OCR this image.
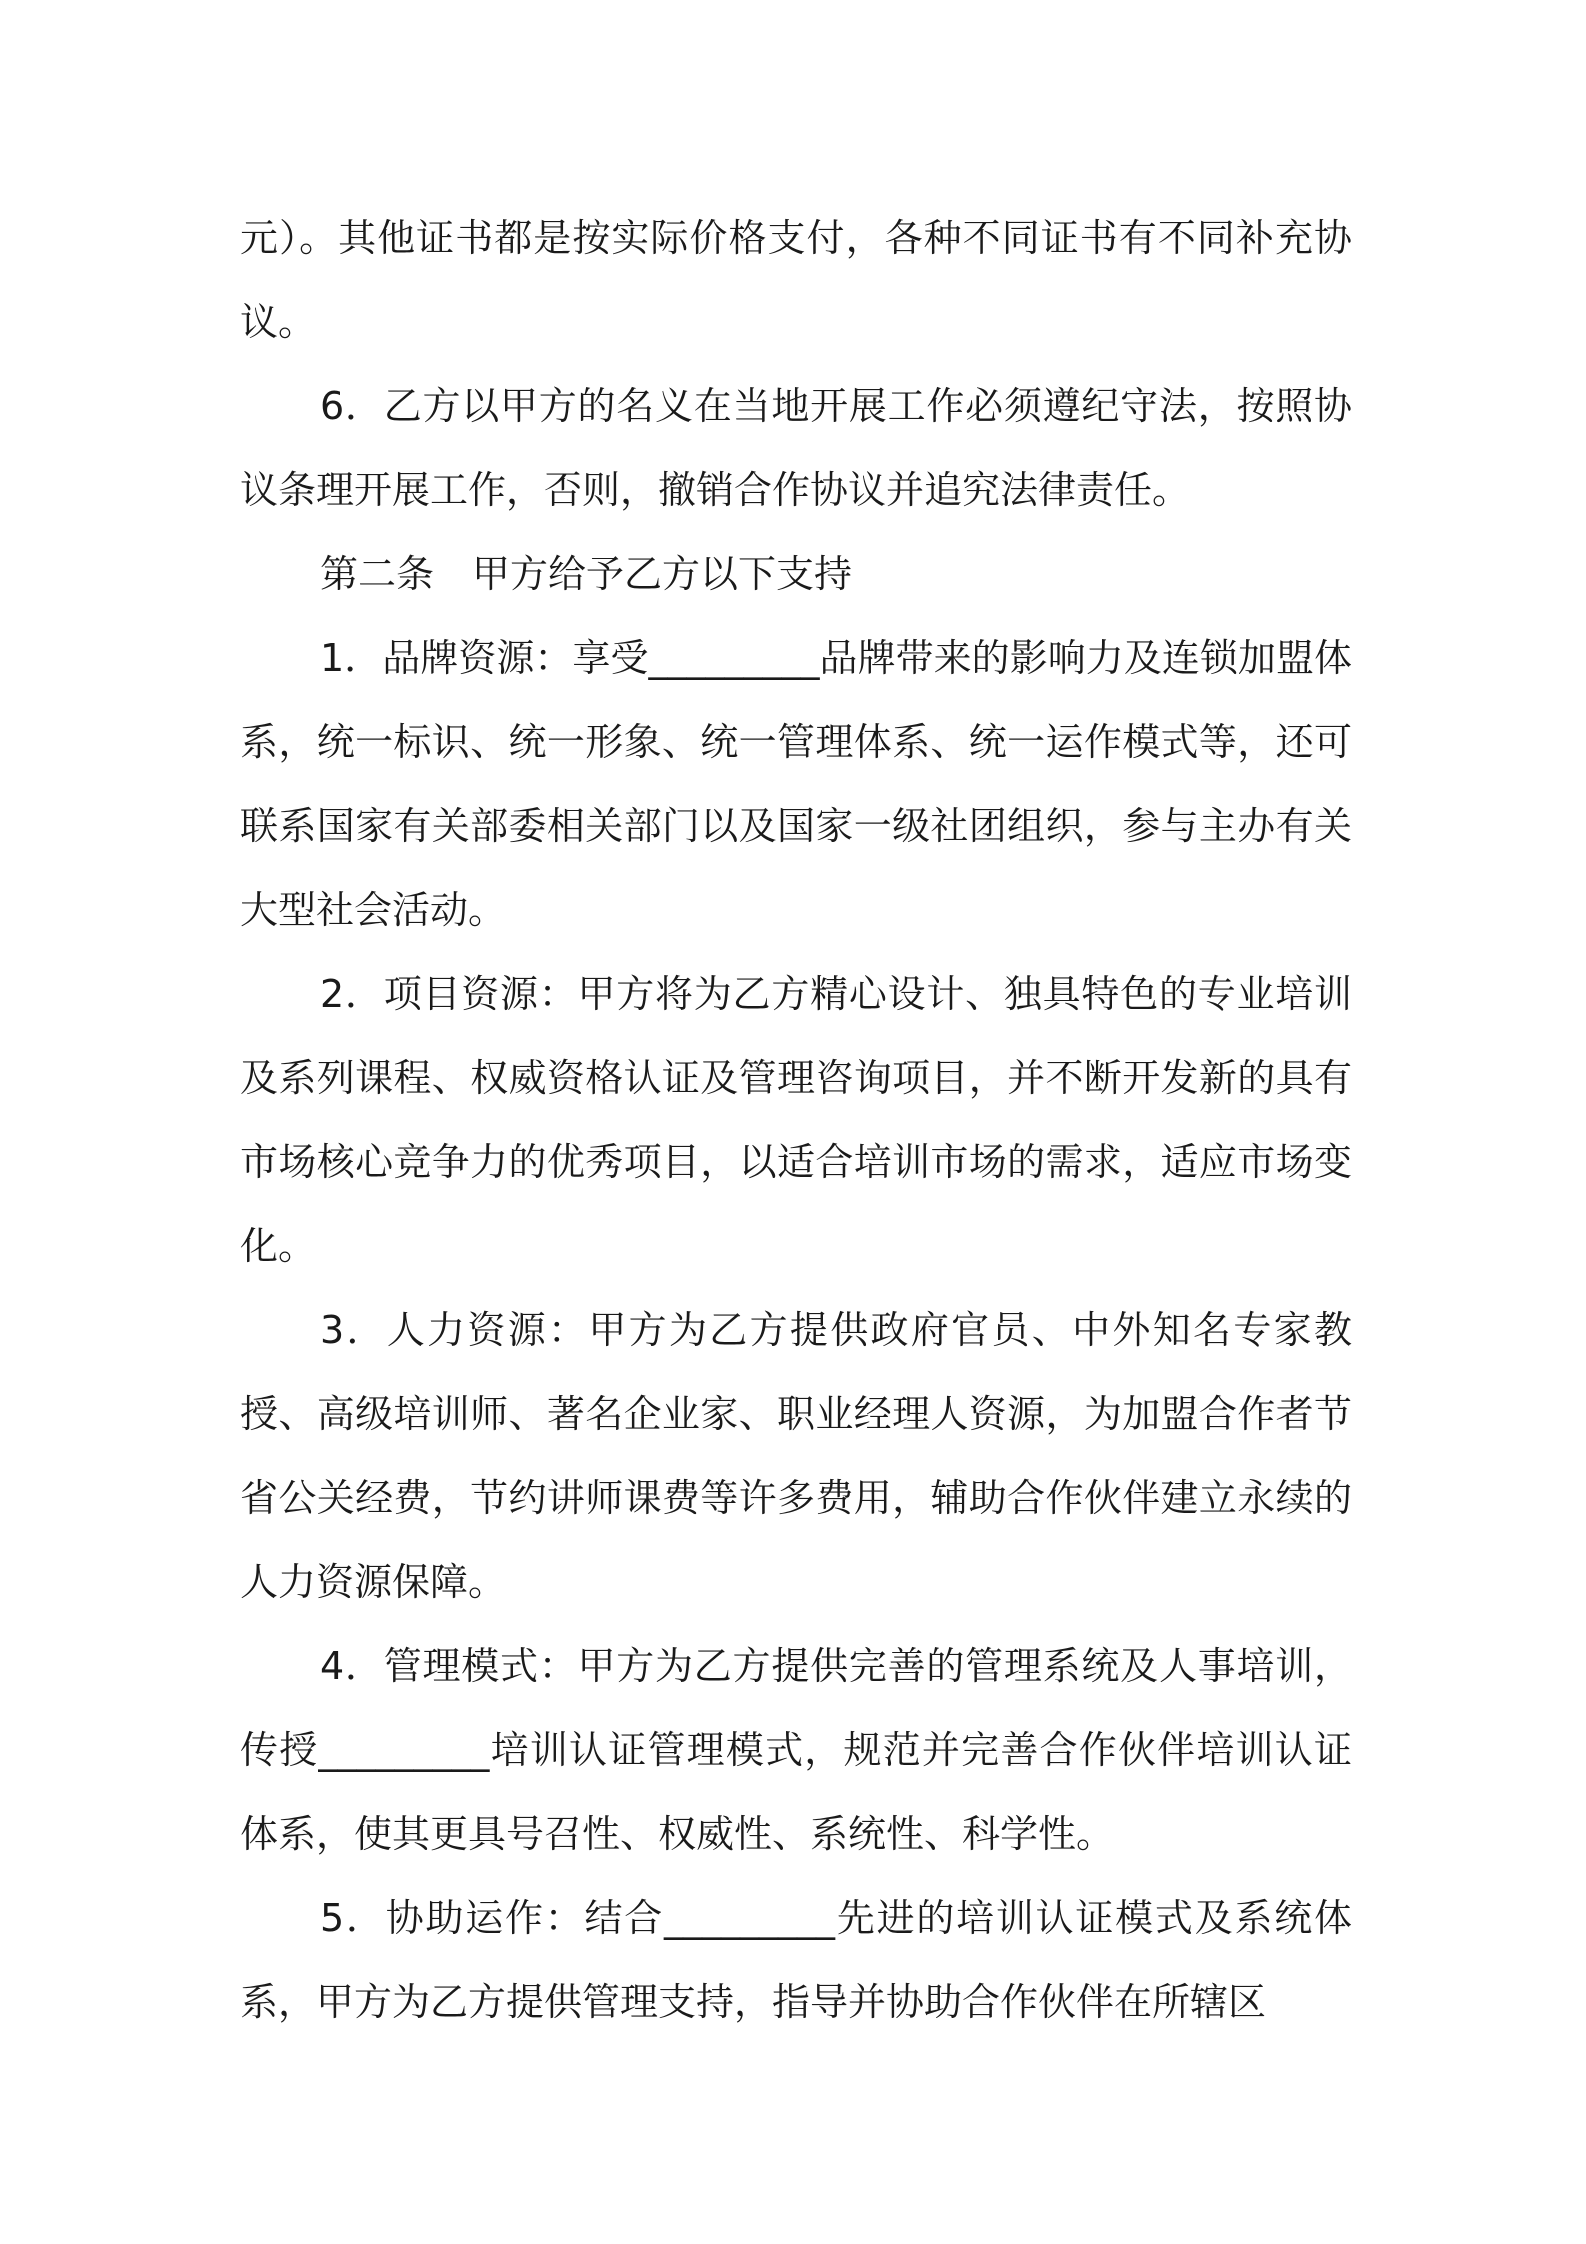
元）。其他证书都是按实际价格支付，各种不同证书有不同补充协议。

6．乙方以甲方的名义在当地开展工作必须遵纪守法，按照协议条理开展工作，否则，撤销合作协议并追究法律责任。

第二条　甲方给予乙方以下支持

1．品牌资源：享受_________品牌带来的影响力及连锁加盟体系，统一标识、统一形象、统一管理体系、统一运作模式等，还可联系国家有关部委相关部门以及国家一级社团组织，参与主办有关大型社会活动。

2．项目资源：甲方将为乙方精心设计、独具特色的专业培训及系列课程、权威资格认证及管理咨询项目，并不断开发新的具有市场核心竞争力的优秀项目，以适合培训市场的需求，适应市场变化。

3．人力资源：甲方为乙方提供政府官员、中外知名专家教授、高级培训师、著名企业家、职业经理人资源，为加盟合作者节省公关经费，节约讲师课费等许多费用，辅助合作伙伴建立永续的人力资源保障。

4．管理模式：甲方为乙方提供完善的管理系统及人事培训，传授_________培训认证管理模式，规范并完善合作伙伴培训认证体系，使其更具号召性、权威性、系统性、科学性。

5．协助运作：结合_________先进的培训认证模式及系统体系，甲方为乙方提供管理支持，指导并协助合作伙伴在所辖区
